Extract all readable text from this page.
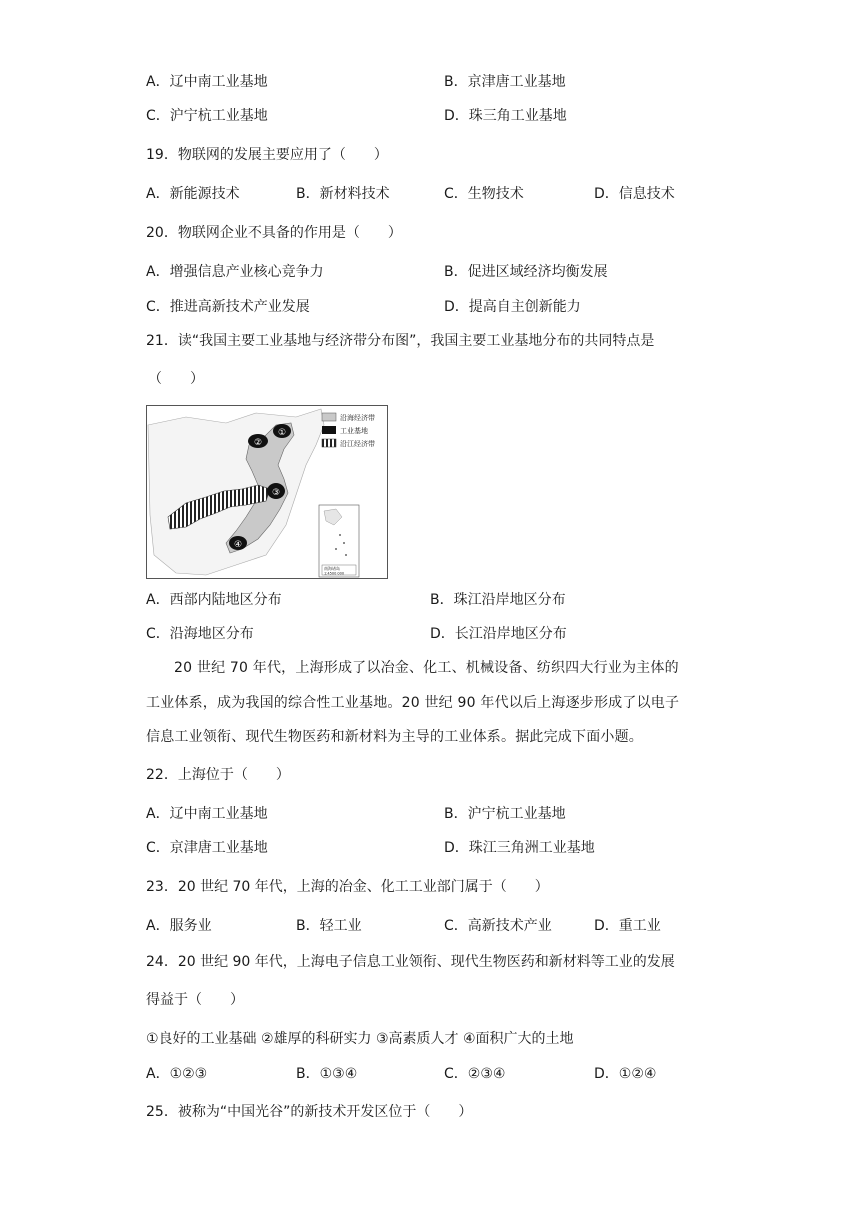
A．辽中南工业基地	B．京津唐工业基地
C．沪宁杭工业基地	D．珠三角工业基地
19．物联网的发展主要应用了（　　）
A．新能源技术	B．新材料技术	C．生物技术	D．信息技术
20．物联网企业不具备的作用是（　　）
A．增强信息产业核心竞争力	B．促进区域经济均衡发展
C．推进高新技术产业发展	D．提高自主创新能力
21．读“我国主要工业基地与经济带分布图”，我国主要工业基地分布的共同特点是
（　　）
②
①
③
④
沿海经济带
工业基地
沿江经济带
南海诸岛
1:4500 000
A．西部内陆地区分布	B．珠江沿岸地区分布
C．沿海地区分布	D．长江沿岸地区分布
20 世纪 70 年代，上海形成了以冶金、化工、机械设备、纺织四大行业为主体的
工业体系，成为我国的综合性工业基地。20 世纪 90 年代以后上海逐步形成了以电子
信息工业领衔、现代生物医药和新材料为主导的工业体系。据此完成下面小题。
22．上海位于（　　）
A．辽中南工业基地	B．沪宁杭工业基地
C．京津唐工业基地	D．珠江三角洲工业基地
23．20 世纪 70 年代，上海的冶金、化工工业部门属于（　　）
A．服务业	B．轻工业	C．高新技术产业	D．重工业
24．20 世纪 90 年代，上海电子信息工业领衔、现代生物医药和新材料等工业的发展
得益于（　　）
①良好的工业基础 ②雄厚的科研实力 ③高素质人才 ④面积广大的土地
A．①②③	B．①③④	C．②③④	D．①②④
25．被称为“中国光谷”的新技术开发区位于（　　）
